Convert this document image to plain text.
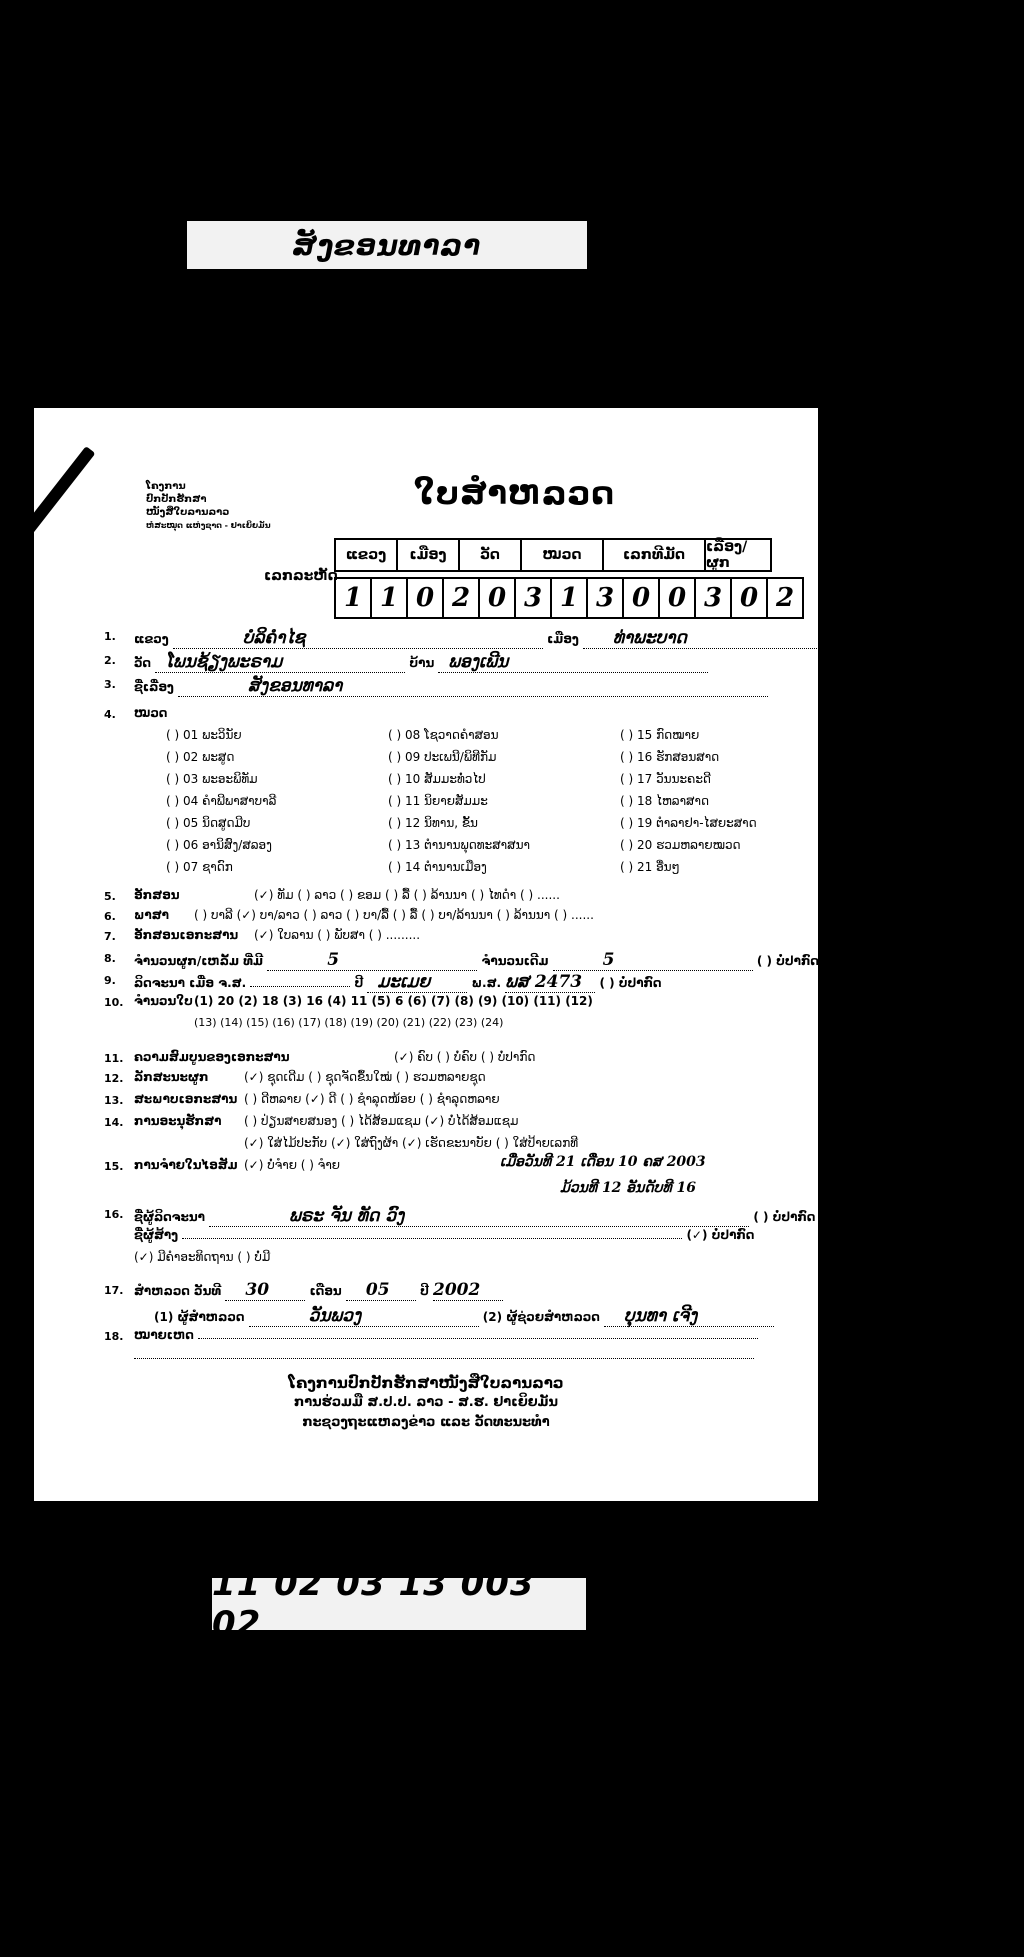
ສັງຂອນທາລາ
ໂຄງການ
ປົກປັກຮັກສາ
ໜັງສືໃບລານລາວ
ຫໍສະໝຸດ ແຫ່ງຊາດ - ຢາເຍິຍມັນ
ໃບສໍາຫລວດ
ແຂວງ	ເມືອງ	ວັດ	ໝວດ	ເລກທີມັດ	ເລື່ອງ/ຜູກ
ເລກລະຫັດ
1 1 0 2 0 3 1 3 0 0 3 0 2
1. ແຂວງ	ບໍລິຄໍາໄຊ	ເມືອງ ທ່າພະບາດ
2. ວັດ ໂພນຊ້ຽງພະຣາມ	ບ້ານ ພອງເພີນ
3. ຊື່ເລື່ອງ	ສັງຂອນທາລາ
4. ໝວດ
( ) 01 ພະວິນັຍ	( ) 08 ໂຊວາດຄໍາສອນ	( ) 15 ກົດໝາຍ
( ) 02 ພະສູດ	( ) 09 ປະເພນີ/ພິທີກັມ	( ) 16 ຮັກສອນສາດ
( ) 03 ພະອະພິທັມ	( ) 10 ສັມມະທໍ່ວໄປ	( ) 17 ວັນນະຄະດີ
( ) 04 ຄໍາພີພາສາບາລີ	( ) 11 ນິຍາຍສັມມະ	( ) 18 ໄຫລາສາດ
( ) 05 ນິດສູດມີບ	( ) 12 ນິທານ, ຂັ້ນ	( ) 19 ຕໍາລາຢາ-ໄສຍະສາດ
( ) 06 ອານິສົງ/ສລອງ	( ) 13 ຕໍານານພຸດທະສາສນາ	( ) 20 ຮວມຫລາຍໝວດ
( ) 07 ຊາດົກ	( ) 14 ຕໍານານເມືອງ	( ) 21 ອື່ນໆ
5. ອັກສອນ	(✓) ທັມ ( ) ລາວ ( ) ຂອມ ( ) ລື້ ( ) ລ້ານນາ ( ) ໄທດໍາ ( ) ......
6. ພາສາ ( ) ບາລີ (✓) ບາ/ລາວ ( ) ລາວ ( ) ບາ/ລື້ ( ) ລື້ ( ) ບາ/ລ້ານນາ ( ) ລ້ານນາ ( ) ......
7. ອັກສອນເອກະສານ (✓) ໃບລານ ( ) ພັບສາ ( ) .........
8. ຈໍານວນຜູກ/ເຫລັ້ມ ທີ່ມີ	5	ຈໍານວນເດີມ	5	( ) ບໍ່ປາກົດ
9. ລິດຈະນາ ເມື່ອ ຈ.ສ.	ປີ ມະເມຍ	ພ.ສ. ພສ 2473 ( ) ບໍ່ປາກົດ
10. ຈໍານວນໃບ (1) 20 (2) 18 (3) 16 (4) 11 (5) 6 (6) (7) (8) (9) (10) (11) (12)
(13) (14) (15) (16) (17) (18) (19) (20) (21) (22) (23) (24)
11. ຄວາມສົມບູນຂອງເອກະສານ	(✓) ຄົບ ( ) ບໍ່ຄົບ ( ) ບໍ່ປາກົດ
12. ລັກສະນະຜູກ	(✓) ຊຸດເດີມ ( ) ຊຸດຈັດຂຶ້ນໃໝ່ ( ) ຮວມຫລາຍຊຸດ
13. ສະພາບເອກະສານ ( ) ດີຫລາຍ (✓) ດີ ( ) ຊໍາລຸດໜ້ອຍ ( ) ຊໍາລຸດຫລາຍ
14. ການອະນຸຮັກສາ ( ) ປ່ຽນສາຍສນອງ ( ) ໄດ້ສ້ອມແຊມ (✓) ບໍ່ໄດ້ສ້ອມແຊມ
(✓) ໃສ່ໄມ້ປະກັບ (✓) ໃສ່ຖົງຜ້າ (✓) ເຮັດຂະນາບັຍ ( ) ໃສ່ປ້າຍເລກທີ
15. ການຈໍາຍໃນໄອສັມ (✓) ບໍ່ຈໍາຍ ( ) ຈໍາຍ	ເມື່ອວັນທີ 21 ເດືອນ 10 ຄສ 2003
ມ້ວນທີ 12 ອັນດັບທີ 16
16. ຊື່ຜູ້ລິດຈະນາ	ພຣະ ຈັນ ທັດ ວົງ	( ) ບໍ່ປາກົດ
ຊື່ຜູ້ສ້າງ	(✓) ບໍ່ປາກົດ
(✓) ມີຄໍາອະທິດຖານ ( ) ບໍ່ມີ
17. ສໍາຫລວດ ວັນທີ 30	ເດືອນ 05	ປີ 2002
(1) ຜູ້ສໍາຫລວດ	ວັນພວງ	(2) ຜູ້ຊ່ວຍສໍາຫລວດ ບຸນທາ ເຈີງ
18. ໝາຍເຫດ
ໂຄງການປົກປັກຮັກສາໜັງສືໃບລານລາວ
ການຮ່ວມມື ສ.ປ.ປ. ລາວ - ສ.ຮ. ຢາເຍິຍມັນ
ກະຊວງຖະແຫລງຂ່າວ ແລະ ວັດທະນະທໍາ
11 02 03 13 003 02
